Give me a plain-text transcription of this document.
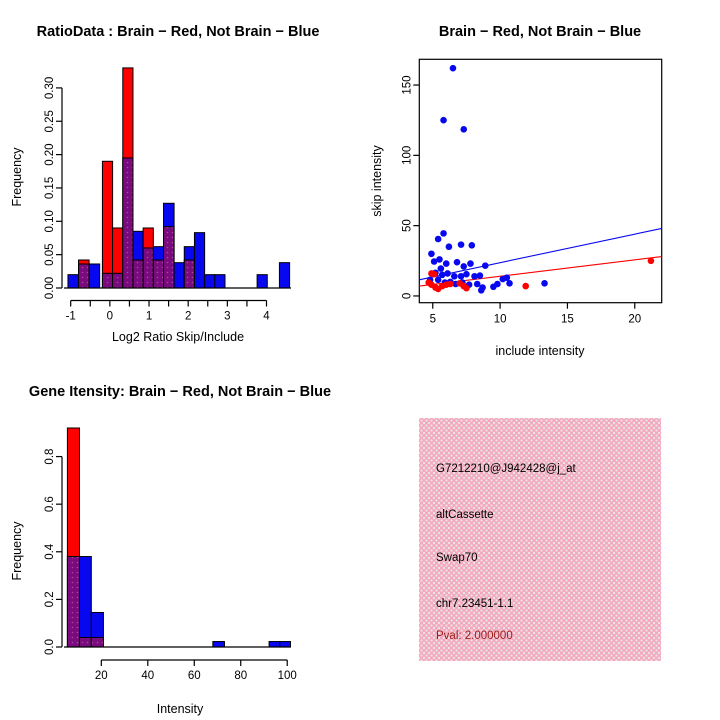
-1	0	1	2	3	4
0.00
0.05
0.10
0.15
0.20
0.25
0.30
5	10	15	20
0
50
100
150
20	40	60	80	100
0.0
0.2
0.4
0.6
0.8
RatioData : Brain − Red, Not Brain − Blue	Brain − Red, Not Brain − Blue
Gene Itensity: Brain − Red, Not Brain − Blue
Log2 Ratio Skip/Include
include intensity
Intensity
Frequency	skip intensity
Frequency
G7212210@J942428@j_at
altCassette
Swap70
chr7.23451-1.1
Pval: 2.000000
